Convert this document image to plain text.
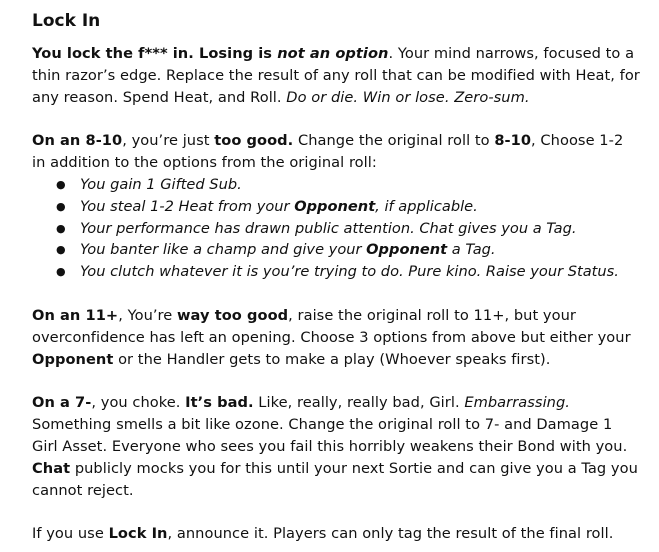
Lock In

You lock the f*** in. Losing is not an option. Your mind narrows, focused to a thin razor’s edge. Replace the result of any roll that can be modified with Heat, for any reason. Spend Heat, and Roll. Do or die. Win or lose. Zero-sum.

On an 8-10, you’re just too good. Change the original roll to 8-10, Choose 1-2 in addition to the options from the original roll:

● You gain 1 Gifted Sub.
● You steal 1-2 Heat from your Opponent, if applicable.
● Your performance has drawn public attention. Chat gives you a Tag.
● You banter like a champ and give your Opponent a Tag.
● You clutch whatever it is you’re trying to do. Pure kino. Raise your Status.

On an 11+, You’re way too good, raise the original roll to 11+, but your overconfidence has left an opening. Choose 3 options from above but either your Opponent or the Handler gets to make a play (Whoever speaks first).

On a 7-, you choke. It’s bad. Like, really, really bad, Girl. Embarrassing. Something smells a bit like ozone. Change the original roll to 7- and Damage 1 Girl Asset. Everyone who sees you fail this horribly weakens their Bond with you. Chat publicly mocks you for this until your next Sortie and can give you a Tag you cannot reject.

If you use Lock In, announce it. Players can only tag the result of the final roll.
